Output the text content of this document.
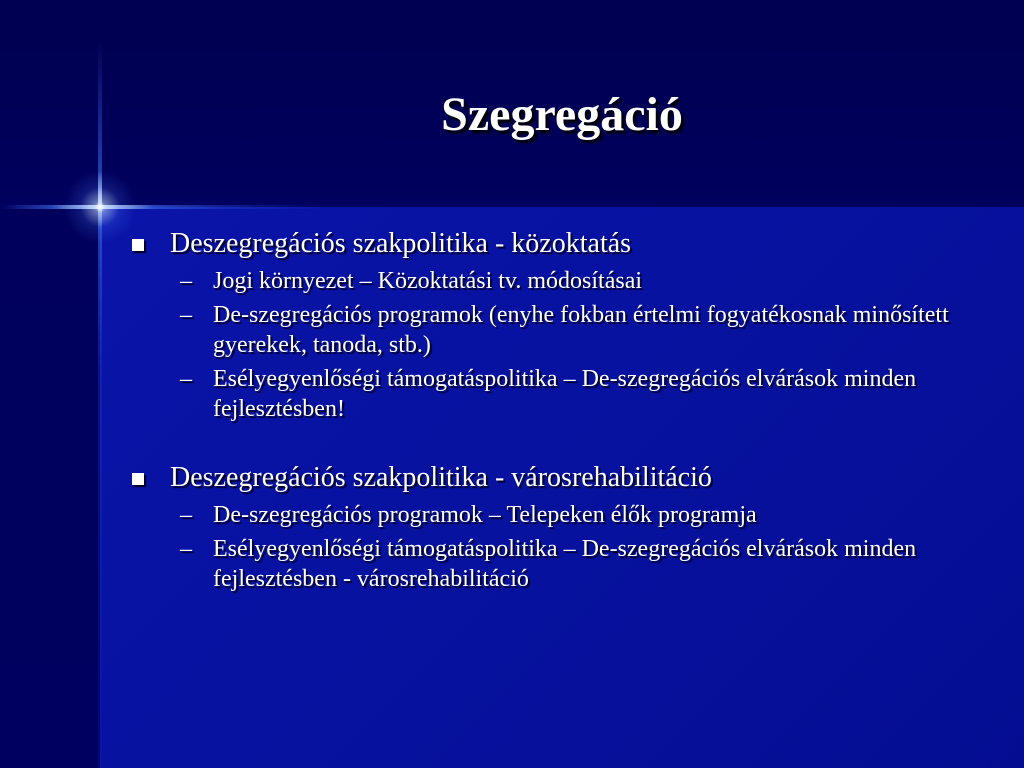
Szegregáció
Deszegregációs szakpolitika - közoktatás
– Jogi környezet – Közoktatási tv. módosításai
– De-szegregációs programok (enyhe fokban értelmi fogyatékosnak minősített gyerekek, tanoda, stb.)
– Esélyegyenlőségi támogatáspolitika – De-szegregációs elvárások minden fejlesztésben!
Deszegregációs szakpolitika - városrehabilitáció
– De-szegregációs programok – Telepeken élők programja
– Esélyegyenlőségi támogatáspolitika – De-szegregációs elvárások minden fejlesztésben - városrehabilitáció
